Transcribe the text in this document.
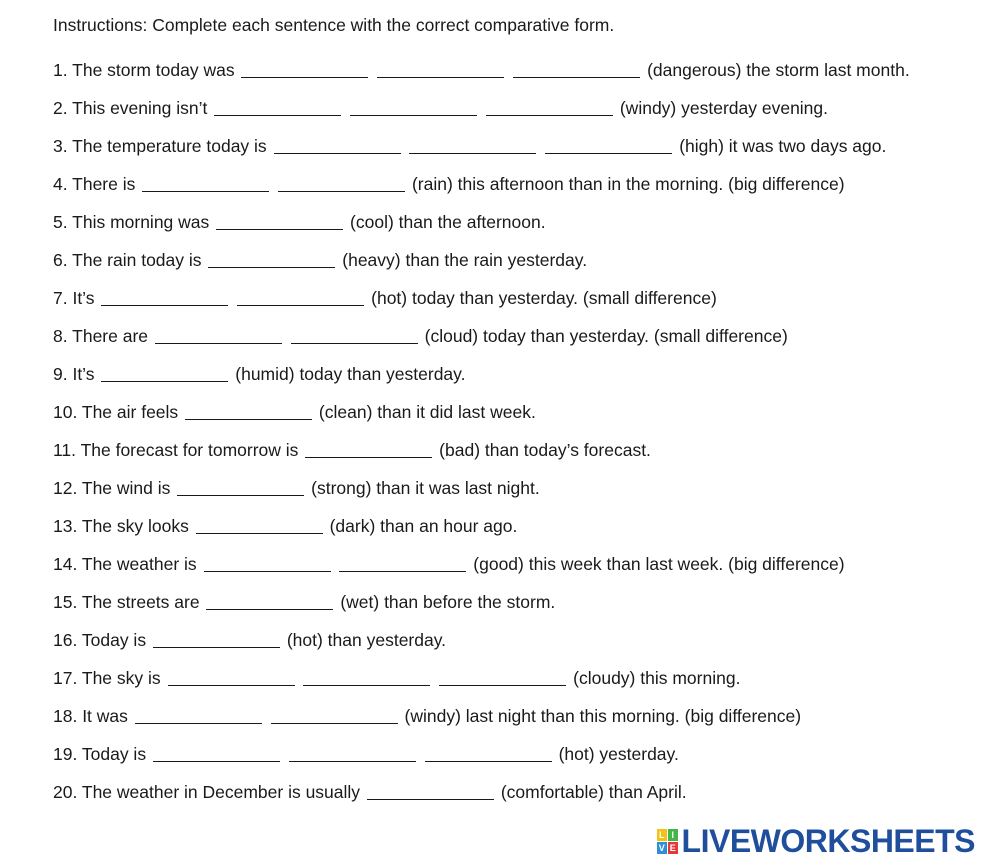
Instructions: Complete each sentence with the correct comparative form.

1. The storm today was	(dangerous) the storm last month.

2. This evening isn’t	(windy) yesterday evening.

3. The temperature today is	(high) it was two days ago.

4. There is	(rain) this afternoon than in the morning. (big difference)

5. This morning was	(cool) than the afternoon.

6. The rain today is	(heavy) than the rain yesterday.

7. It’s	(hot) today than yesterday. (small difference)

8. There are	(cloud) today than yesterday. (small difference)

9. It’s	(humid) today than yesterday.

10. The air feels	(clean) than it did last week.

11. The forecast for tomorrow is	(bad) than today’s forecast.

12. The wind is	(strong) than it was last night.

13. The sky looks	(dark) than an hour ago.

14. The weather is	(good) this week than last week. (big difference)

15. The streets are	(wet) than before the storm.

16. Today is	(hot) than yesterday.

17. The sky is	(cloudy) this morning.

18. It was	(windy) last night than this morning. (big difference)

19. Today is	(hot) yesterday.

20. The weather in December is usually	(comfortable) than April.

L I
V E LIVEWORKSHEETS
